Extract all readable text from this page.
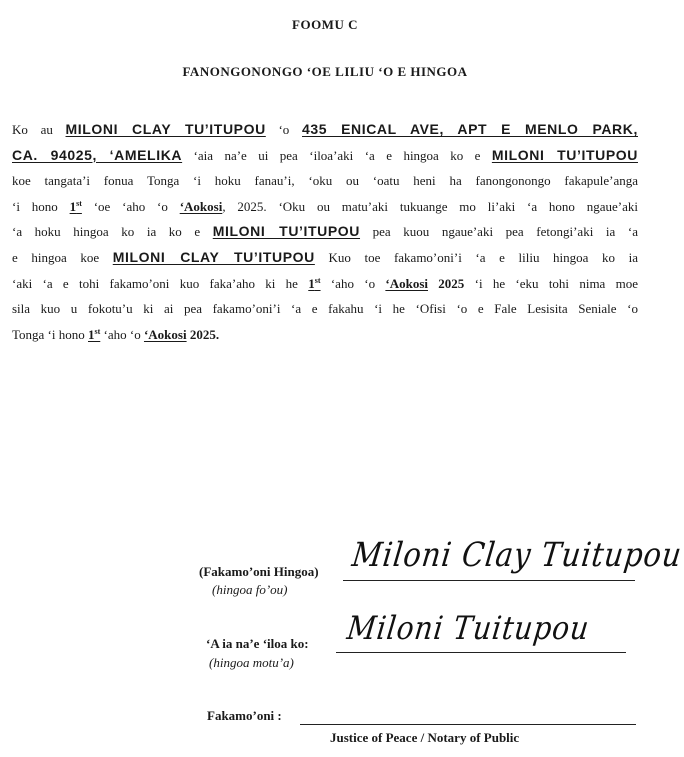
FOOMU C
FANONGONONGO ‘OE LILIU ‘O E HINGOA
Ko au MILONI CLAY TU’ITUPOU ‘o 435 ENICAL AVE, APT E MENLO PARK,
CA. 94025, ‘AMELIKA ‘aia na’e ui pea ‘iloa’aki ‘a e hingoa ko e MILONI TU’ITUPOU
koe tangata’i fonua Tonga ‘i hoku fanau’i, ‘oku ou ‘oatu heni ha fanongonongo fakapule’anga
‘i hono 1st ‘oe ‘aho ‘o ‘Aokosi, 2025. ‘Oku ou matu’aki tukuange mo li’aki ‘a hono ngaue’aki
‘a hoku hingoa ko ia ko e MILONI TU’ITUPOU pea kuou ngaue’aki pea fetongi’aki ia ‘a
e hingoa koe MILONI CLAY TU’ITUPOU Kuo toe fakamo’oni’i ‘a e liliu hingoa ko ia
‘aki ‘a e tohi fakamo’oni kuo faka’aho ki he 1st ‘aho ‘o ‘Aokosi 2025 ‘i he ‘eku tohi nima moe
sila kuo u fokotu’u ki ai pea fakamo’oni’i ‘a e fakahu ‘i he ‘Ofisi ‘o e Fale Lesisita Seniale ‘o
Tonga ‘i hono 1st ‘aho ‘o ‘Aokosi 2025.
(Fakamo’oni Hingoa)
(hingoa fo’ou)
Miloni Clay Tuitupou
‘A ia na’e ‘iloa ko:
(hingoa motu’a)
Miloni Tuitupou
Fakamo’oni :
Justice of Peace / Notary of Public
